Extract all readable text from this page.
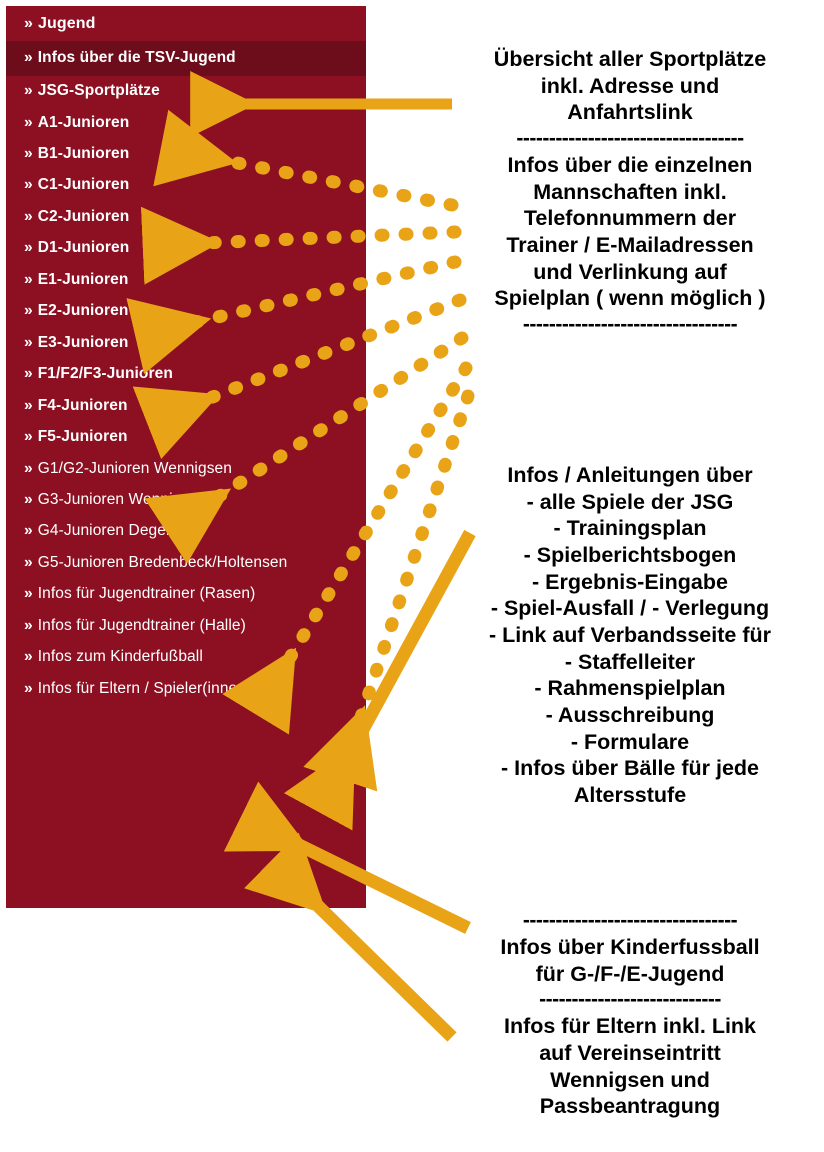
» Jugend
» Infos über die TSV-Jugend
» JSG-Sportplätze
» A1-Junioren
» B1-Junioren
» C1-Junioren
» C2-Junioren
» D1-Junioren
» E1-Junioren
» E2-Junioren
» E3-Junioren
» F1/F2/F3-Junioren
» F4-Junioren
» F5-Junioren
» G1/G2-Junioren Wennigsen
» G3-Junioren Wennigsen
» G4-Junioren Degersen
» G5-Junioren Bredenbeck/Holtensen
» Infos für Jugendtrainer (Rasen)
» Infos für Jugendtrainer (Halle)
» Infos zum Kinderfußball
» Infos für Eltern / Spieler(innen)
Übersicht aller Sportplätze
inkl. Adresse und
Anfahrtslink
-----------------------------------
Infos über die einzelnen
Mannschaften inkl.
Telefonnummern der
Trainer / E-Mailadressen
und Verlinkung auf
Spielplan ( wenn möglich )
---------------------------------
Infos / Anleitungen über
- alle Spiele der JSG
- Trainingsplan
- Spielberichtsbogen
- Ergebnis-Eingabe
- Spiel-Ausfall / - Verlegung
- Link auf Verbandsseite für
- Staffelleiter
- Rahmenspielplan
- Ausschreibung
- Formulare
- Infos über Bälle für jede
Altersstufe
---------------------------------
Infos über Kinderfussball
für G-/F-/E-Jugend
----------------------------
Infos für Eltern inkl. Link
auf Vereinseintritt
Wennigsen und
Passbeantragung
